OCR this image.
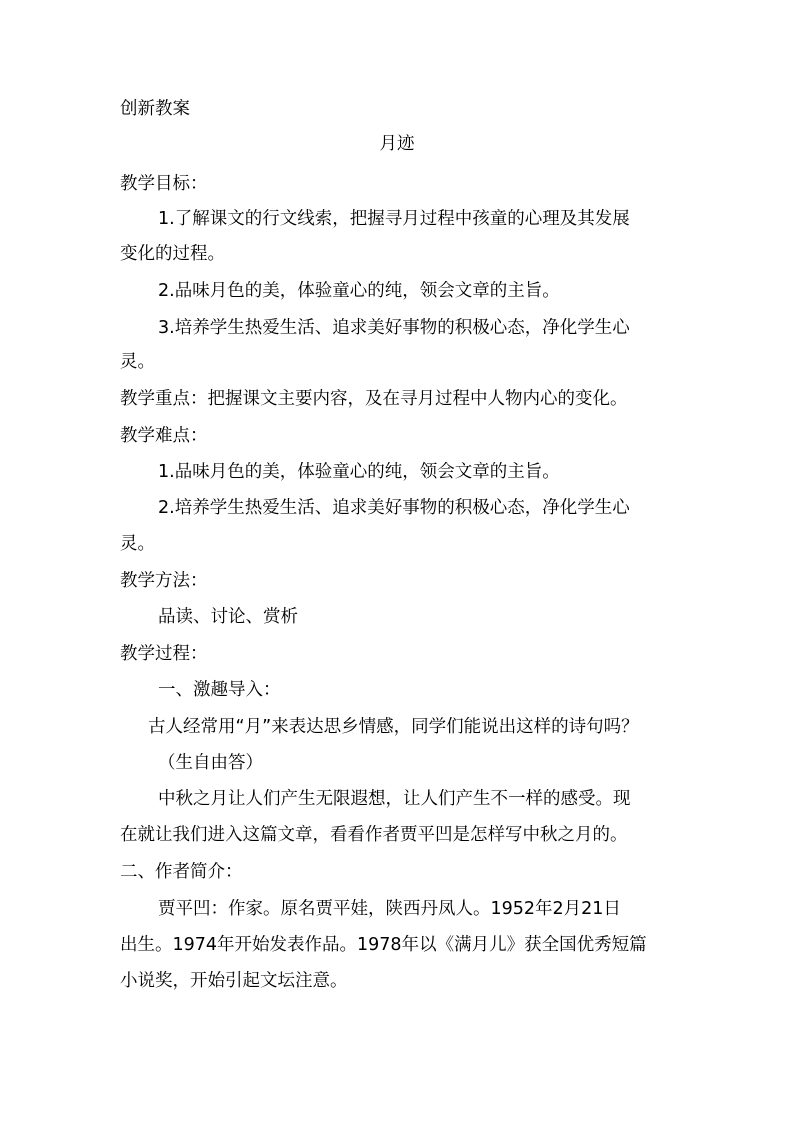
创新教案
月迹
教学目标：
1.了解课文的行文线索，把握寻月过程中孩童的心理及其发展
变化的过程。
2.品味月色的美，体验童心的纯，领会文章的主旨。
3.培养学生热爱生活、追求美好事物的积极心态，净化学生心
灵。
教学重点：把握课文主要内容，及在寻月过程中人物内心的变化。
教学难点：
1.品味月色的美，体验童心的纯，领会文章的主旨。
2.培养学生热爱生活、追求美好事物的积极心态，净化学生心
灵。
教学方法：
品读、讨论、赏析
教学过程：
一、激趣导入：
古人经常用“月”来表达思乡情感，同学们能说出这样的诗句吗？
（生自由答）
中秋之月让人们产生无限遐想，让人们产生不一样的感受。现
在就让我们进入这篇文章，看看作者贾平凹是怎样写中秋之月的。
二、作者简介：
贾平凹：作家。原名贾平娃，陕西丹凤人。1952年2月21日
出生。1974年开始发表作品。1978年以《满月儿》获全国优秀短篇
小说奖，开始引起文坛注意。
